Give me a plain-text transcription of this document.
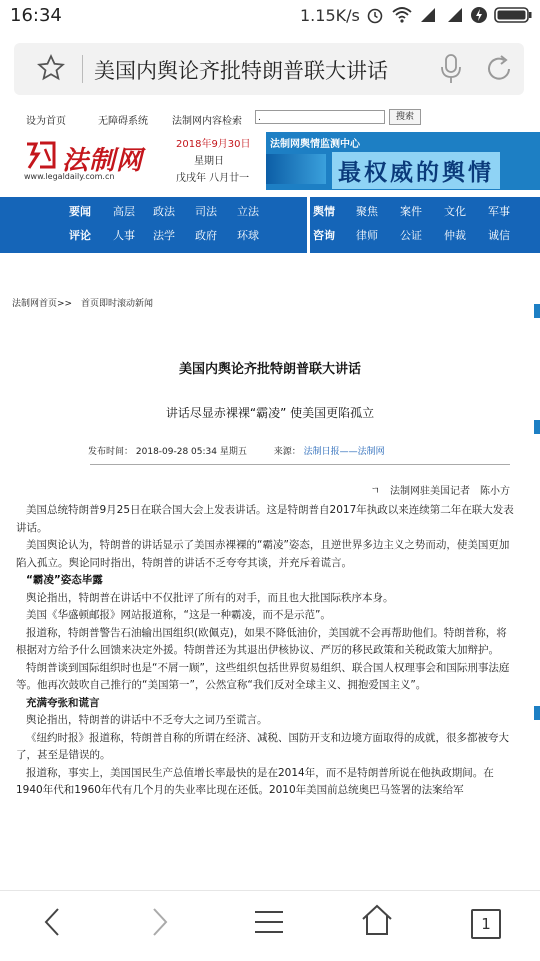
16:34	1.15K/s
美国内舆论齐批特朗普联大讲话
设为首页	无障碍系统 法制网内容检索	.	搜索
法制网
www.legaldaily.com.cn
2018年9月30日
星期日
戊戌年 八月廿一
法制网舆情监测中心
最权威的舆情
要闻 高层 政法 司法 立法
评论 人事 法学 政府 环球
舆情 聚焦 案件 文化 军事
咨询 律师 公证 仲裁 诚信
法制网首页>> 首页即时滚动新闻
美国内舆论齐批特朗普联大讲话
讲话尽显赤裸裸“霸凌” 使美国更陷孤立
发布时间： 2018-09-28 05:34 星期五	来源： 法制日报——法制网
ㄱ 法制网驻美国记者　陈小方

美国总统特朗普9月25日在联合国大会上发表讲话。这是特朗普自2017年执政以来连续第二年在联大发表讲话。

美国舆论认为，特朗普的讲话显示了美国赤裸裸的“霸凌”姿态，且逆世界多边主义之势而动，使美国更加陷入孤立。舆论同时指出，特朗普的讲话不乏夸夸其谈，并充斥着谎言。

“霸凌”姿态毕露

舆论指出，特朗普在讲话中不仅批评了所有的对手，而且也大批国际秩序本身。

美国《华盛顿邮报》网站报道称，“这是一种霸凌，而不是示范”。

报道称，特朗普警告石油输出国组织(欧佩克)，如果不降低油价，美国就不会再帮助他们。特朗普称，将根据对方给予什么回馈来决定外援。特朗普还为其退出伊核协议、严厉的移民政策和关税政策大加辩护。

特朗普谈到国际组织时也是“不屑一顾”，这些组织包括世界贸易组织、联合国人权理事会和国际刑事法庭等。他再次鼓吹自己推行的“美国第一”，公然宣称“我们反对全球主义、拥抱爱国主义”。

充满夸张和谎言

舆论指出，特朗普的讲话中不乏夸大之词乃至谎言。

《纽约时报》报道称，特朗普自称的所谓在经济、减税、国防开支和边境方面取得的成就，很多都被夸大了，甚至是错误的。

报道称，事实上，美国国民生产总值增长率最快的是在2014年，而不是特朗普所说在他执政期间。在1940年代和1960年代有几个月的失业率比现在还低。2010年美国前总统奥巴马签署的法案给军

1
